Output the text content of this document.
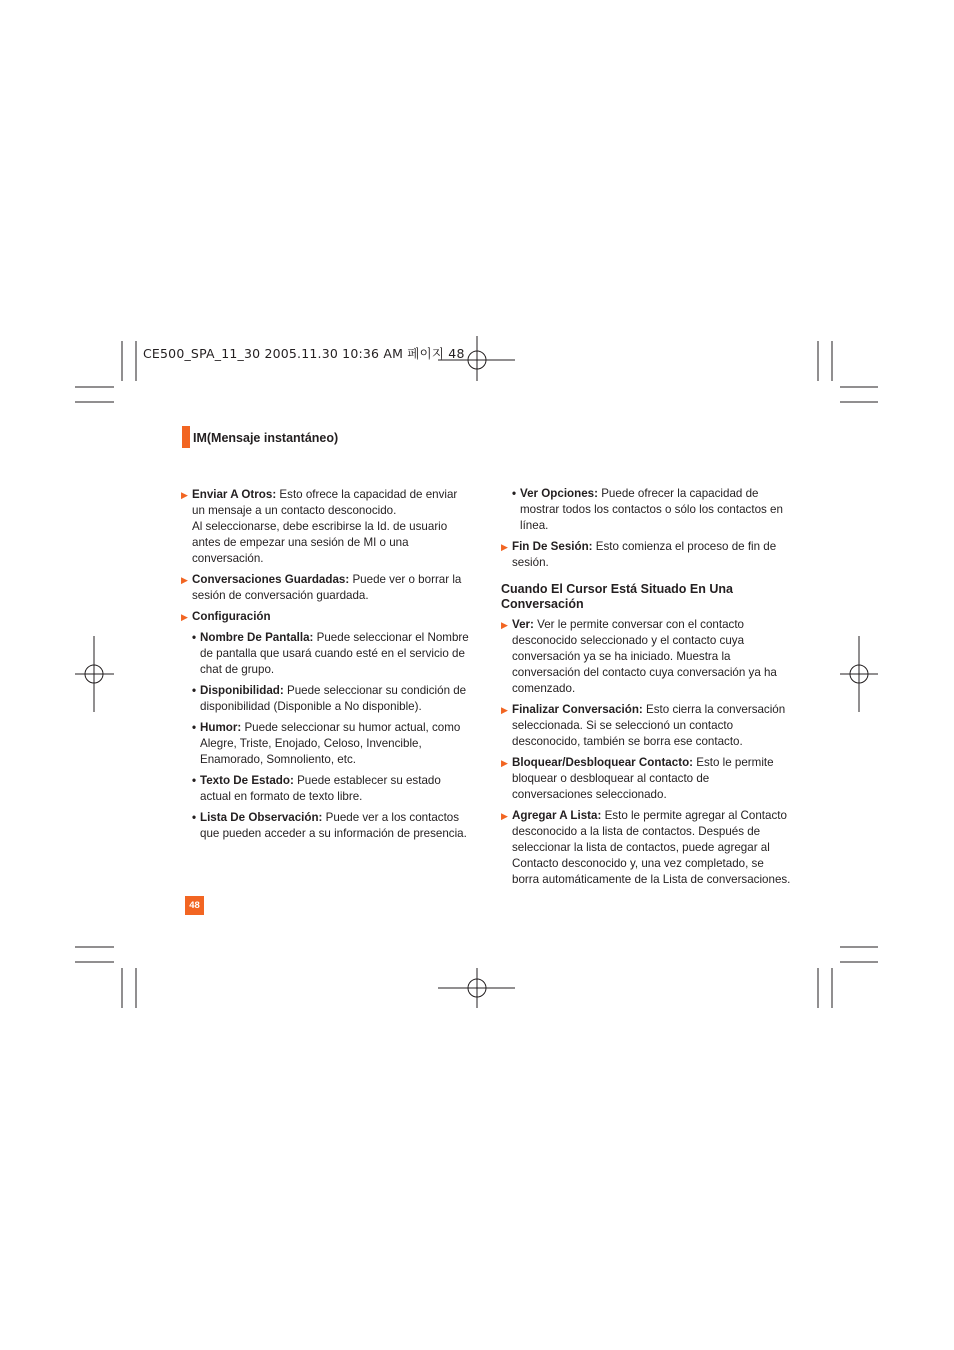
CE500_SPA_11_30 2005.11.30 10:36 AM 페이지 48
IM(Mensaje instantáneo)
▶ Enviar A Otros: Esto ofrece la capacidad de enviar un mensaje a un contacto desconocido.
Al seleccionarse, debe escribirse la Id. de usuario antes de empezar una sesión de MI o una conversación.
▶ Conversaciones Guardadas: Puede ver o borrar la sesión de conversación guardada.
▶ Configuración
• Nombre De Pantalla: Puede seleccionar el Nombre de pantalla que usará cuando esté en el servicio de chat de grupo.
• Disponibilidad: Puede seleccionar su condición de disponibilidad (Disponible a No disponible).
• Humor: Puede seleccionar su humor actual, como Alegre, Triste, Enojado, Celoso, Invencible, Enamorado, Somnoliento, etc.
• Texto De Estado: Puede establecer su estado actual en formato de texto libre.
• Lista De Observación: Puede ver a los contactos que pueden acceder a su información de presencia.
• Ver Opciones: Puede ofrecer la capacidad de mostrar todos los contactos o sólo los contactos en línea.
▶ Fin De Sesión: Esto comienza el proceso de fin de sesión.
Cuando El Cursor Está Situado En Una Conversación
▶ Ver: Ver le permite conversar con el contacto desconocido seleccionado y el contacto cuya conversación ya se ha iniciado. Muestra la conversación del contacto cuya conversación ya ha comenzado.
▶ Finalizar Conversación: Esto cierra la conversación seleccionada. Si se seleccionó un contacto desconocido, también se borra ese contacto.
▶ Bloquear/Desbloquear Contacto: Esto le permite bloquear o desbloquear al contacto de conversaciones seleccionado.
▶ Agregar A Lista: Esto le permite agregar al Contacto desconocido a la lista de contactos. Después de seleccionar la lista de contactos, puede agregar al Contacto desconocido y, una vez completado, se borra automáticamente de la Lista de conversaciones.
48
